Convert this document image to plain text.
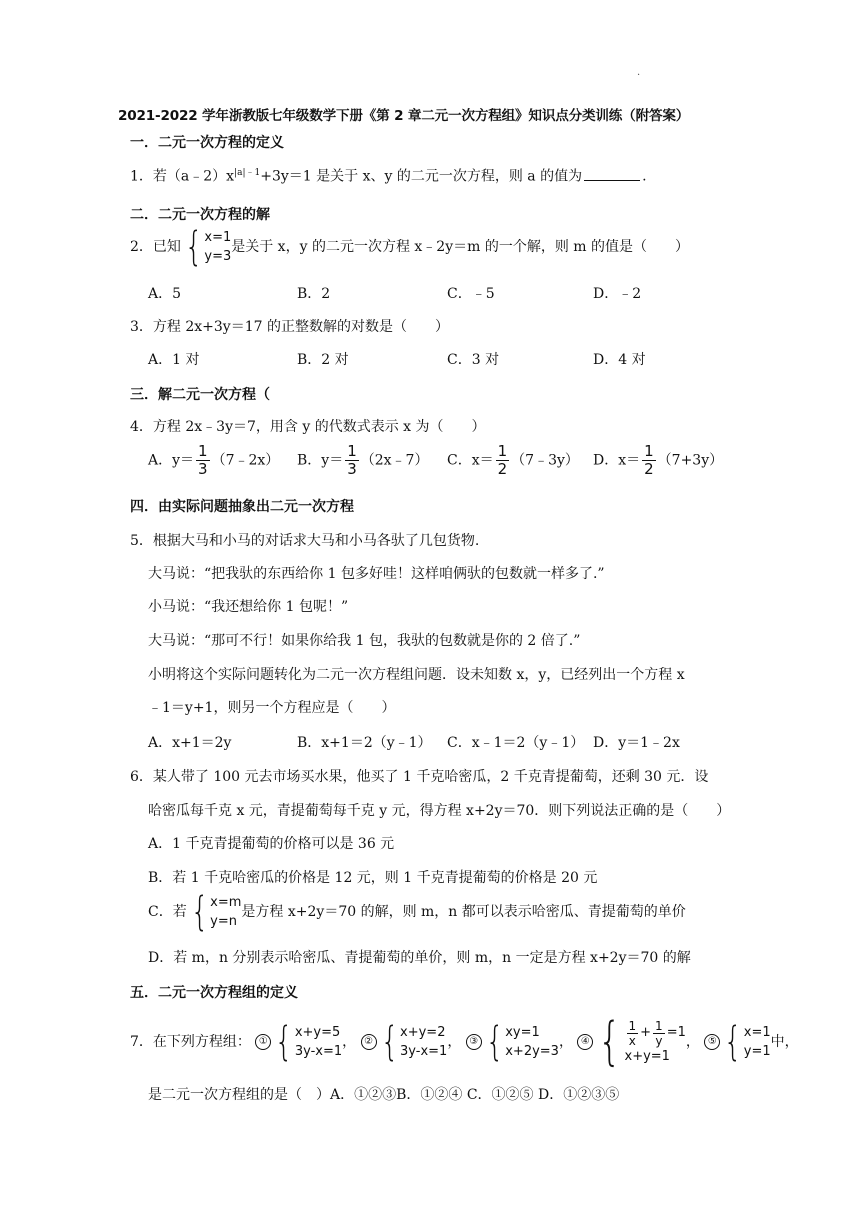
·
2021-2022 学年浙教版七年级数学下册《第 2 章二元一次方程组》知识点分类训练（附答案）
一．二元一次方程的定义
1．若$(a﹣2)x^{|a|﹣1}+3y=1$ 是关于 x、y 的二元一次方程，则 a 的值为	.
二．二元一次方程的解
2．已知 { x=1
y=3
是关于 x，y 的二元一次方程 x﹣2y＝m 的一个解，则 m 的值是（　　）
A．5	B．2	C．﹣5	D．﹣2
3．方程 2x+3y＝17 的正整数解的对数是（　　）
A．1 对	B．2 对	C．3 对	D．4 对
三．解二元一次方程（
4．方程 2x﹣3y＝7，用含 y 的代数式表示 x 为（　　）
A．$y= \frac{1}{3}$ （7﹣2x） B．$y= \frac{1}{3}$ （2x﹣7） C．$x= \frac{1}{2}$ （7﹣3y） D．$x= \frac{1}{2} (7+3y)$
四．由实际问题抽象出二元一次方程
5．根据大马和小马的对话求大马和小马各驮了几包货物.
大马说：“把我驮的东西给你 1 包多好哇！这样咱俩驮的包数就一样多了.”
小马说：“我还想给你 1 包呢！”
大马说：“那可不行！如果你给我 1 包，我驮的包数就是你的 2 倍了.”
小明将这个实际问题转化为二元一次方程组问题．设未知数 x，y，已经列出一个方程 x
﹣1＝y+1，则另一个方程应是（　　）
A．x+1＝2y	B．x+1＝2（y﹣1） C．x﹣1＝2（y﹣1） D．y＝1﹣2x
6．某人带了 100 元去市场买水果，他买了 1 千克哈密瓜，2 千克青提葡萄，还剩 30 元．设
哈密瓜每千克 x 元，青提葡萄每千克 y 元，得方程 x+2y＝70．则下列说法正确的是（　　）
A．1 千克青提葡萄的价格可以是 36 元
B．若 1 千克哈密瓜的价格是 12 元，则 1 千克青提葡萄的价格是 20 元
C．若 { x=m
y=n
是方程 x+2y＝70 的解，则 m，n 都可以表示哈密瓜、青提葡萄的单价
D．若 m，n 分别表示哈密瓜、青提葡萄的单价，则 m，n 一定是方程 x+2y＝70 的解
五．二元一次方程组的定义
7．在下列方程组： ① { x+y=5
3y-x=1
， ② { x+y=2
3y-x=1
， ③ { xy=1
x+2y=3
， ④ { $\frac{1}{x} + \frac{1}{y} =1$
x+y=1
， ⑤ { x=1
y=1
中，
是二元一次方程组的是（　）A．①②③B．①②④ C．①②⑤ D．①②③⑤
